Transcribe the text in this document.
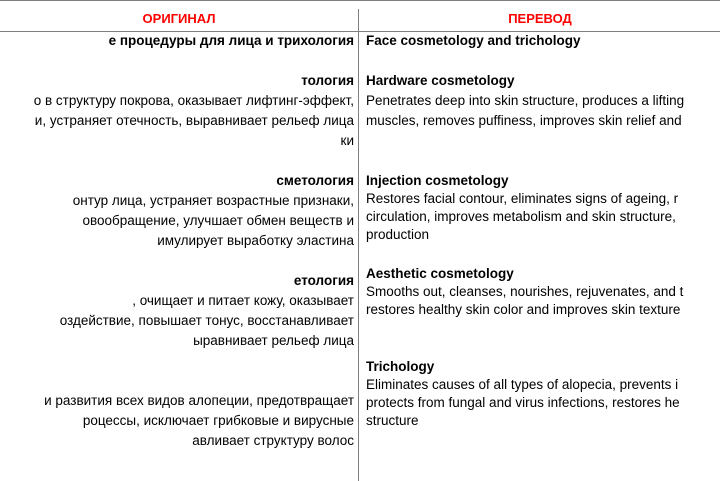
ОРИГИНАЛ	ПЕРЕВОД
е процедуры для лица и трихология
тология
о в структуру покрова, оказывает лифтинг-эффект,
и, устраняет отечность, выравнивает рельеф лица
ки
сметология
онтур лица, устраняет возрастные признаки,
овообращение, улучшает обмен веществ и
имулирует выработку эластина
етология
, очищает и питает кожу, оказывает
оздействие, повышает тонус, восстанавливает
ыравнивает рельеф лица
и развития всех видов алопеции, предотвращает
роцессы, исключает грибковые и вирусные
авливает структуру волос
Face cosmetology and trichology
Hardware cosmetology
Penetrates deep into skin structure, produces a lifting
muscles, removes puffiness, improves skin relief and
Injection cosmetology
Restores facial contour, eliminates signs of ageing, r
circulation, improves metabolism and skin structure,
production
Aesthetic cosmetology
Smooths out, cleanses, nourishes, rejuvenates, and t
restores healthy skin color and improves skin texture
Trichology
Eliminates causes of all types of alopecia, prevents i
protects from fungal and virus infections, restores he
structure
